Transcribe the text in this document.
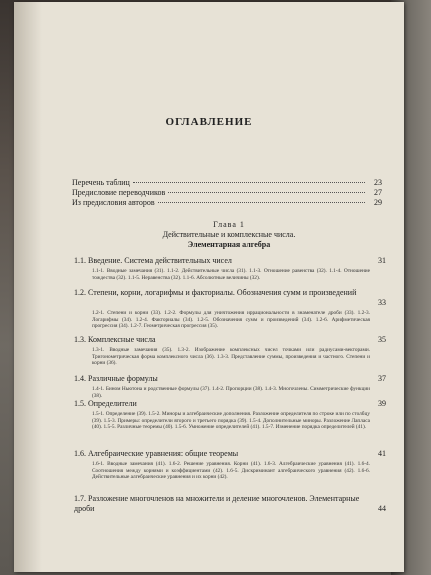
ОГЛАВЛЕНИЕ
Перечень таблиц	23
Предисловие переводчиков	27
Из предисловия авторов	29
Глава 1
Действительные и комплексные числа.
Элементарная алгебра
1.1. Введение. Система действительных чисел	31
1.1-1. Вводные замечания (31). 1.1-2. Действительные числа (31). 1.1-3. Отношение равенства (32). 1.1-4. Отношение тождества (32). 1.1-5. Неравенства (32). 1.1-6. Абсолютные величины (32).
1.2. Степени, корни, логарифмы и факториалы. Обозначения сумм и произведений
33
1.2-1. Степени и корни (33). 1.2-2. Формулы для уничтожения иррациональности в знаменателе дроби (33). 1.2-3. Логарифмы (34). 1.2-4. Факториалы (34). 1.2-5. Обозначения сумм и произведений (34). 1.2-6. Арифметическая прогрессия (34). 1.2-7. Геометрическая прогрессия (35).
1.3. Комплексные числа	35
1.3-1. Вводные замечания (35). 1.3-2. Изображение комплексных чисел точками или радиусами-векторами. Тригонометрическая форма комплексного числа (36). 1.3-3. Представление суммы, произведения и частного. Степени и корни (36).
1.4. Различные формулы	37
1.4-1. Бином Ньютона и родственные формулы (37). 1.4-2. Пропорции (38). 1.4-3. Многочлены. Симметрические функции (38).
1.5. Определители	39
1.5-1. Определение (39). 1.5-2. Миноры и алгебраические дополнения. Разложение определителя по строке или по столбцу (39). 1.5-3. Примеры: определители второго и третьего порядка (39). 1.5-4. Дополнительные миноры. Разложение Лапласа (40). 1.5-5. Различные теоремы (40). 1.5-6. Умножение определителей (41). 1.5-7. Изменение порядка определителей (41).
1.6. Алгебраические уравнения: общие теоремы	41
1.6-1. Вводные замечания (41). 1.6-2. Решение уравнения. Корни (41). 1.6-3. Алгебраические уравнения (41). 1.6-4. Соотношения между корнями и коэффициентами (42). 1.6-5. Дискриминант алгебраического уравнения (42). 1.6-6. Действительные алгебраические уравнения и их корни (42).
1.7. Разложение многочленов на множители и деление многочленов. Элементарные дроби	44
